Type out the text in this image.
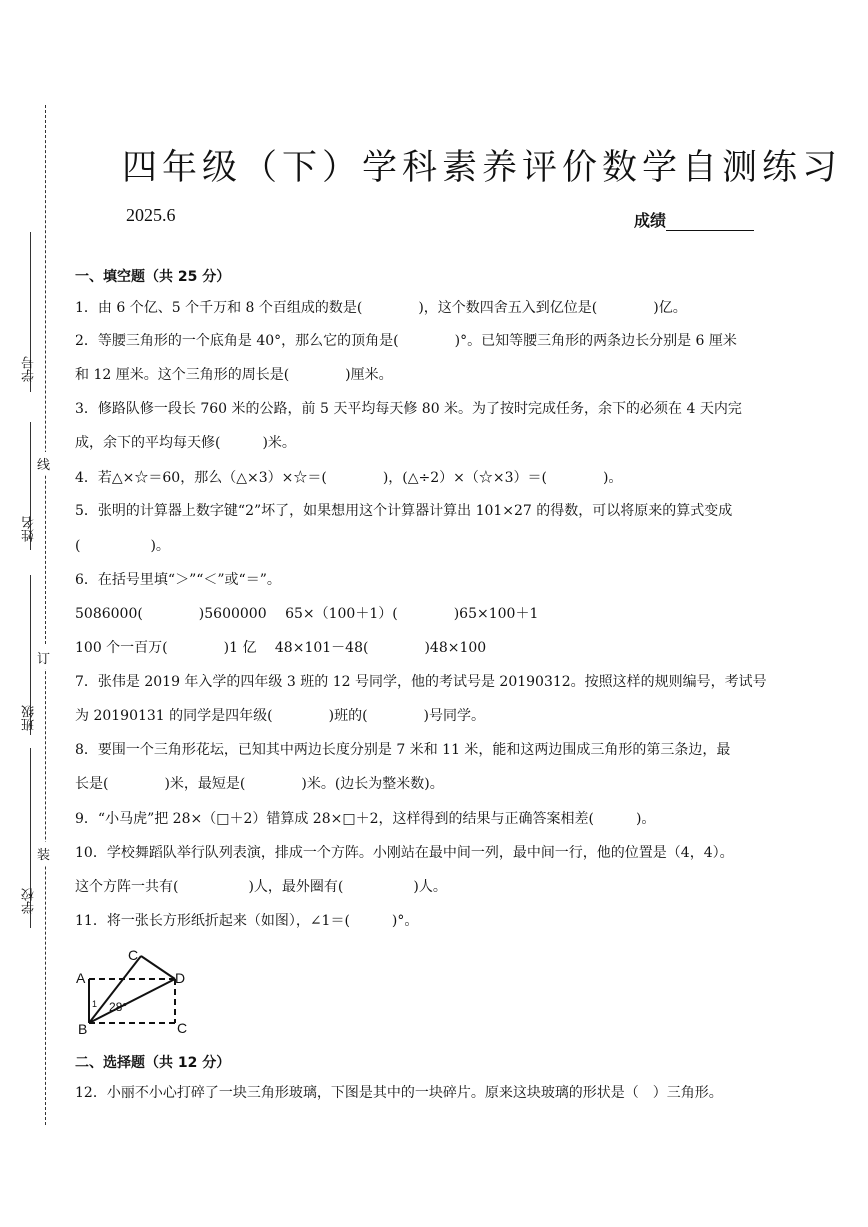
学号
姓名
班级
学校
线
订
装
四年级（下）学科素养评价数学自测练习2025.6	成绩
一、填空题（共 25 分）
1．由 6 个亿、5 个千万和 8 个百组成的数是(　　　　)，这个数四舍五入到亿位是(　　　　)亿。
2．等腰三角形的一个底角是 40°，那么它的顶角是(　　　　)°。已知等腰三角形的两条边长分别是 6 厘米
和 12 厘米。这个三角形的周长是(　　　　)厘米。
3．修路队修一段长 760 米的公路，前 5 天平均每天修 80 米。为了按时完成任务，余下的必须在 4 天内完
成，余下的平均每天修(　　　)米。
4．若△×☆＝60，那么（△×3）×☆＝(　　　　)，(△÷2）×（☆×3）＝(　　　　)。
5．张明的计算器上数字键“2”坏了，如果想用这个计算器计算出 101×27 的得数，可以将原来的算式变成
(　　　　　)。
6．在括号里填“＞”“＜”或“＝”。
5086000(　　　　)5600000　 65×（100＋1）(　　　　)65×100＋1
100 个一百万(　　　　)1 亿　 48×101－48(　　　　)48×100
7．张伟是 2019 年入学的四年级 3 班的 12 号同学，他的考试号是 20190312。按照这样的规则编号，考试号
为 20190131 的同学是四年级(　　　　)班的(　　　　)号同学。
8．要围一个三角形花坛，已知其中两边长度分别是 7 米和 11 米，能和这两边围成三角形的第三条边，最
长是(　　　　)米，最短是(　　　　)米。(边长为整米数)。
9．“小马虎”把 28×（□＋2）错算成 28×□＋2，这样得到的结果与正确答案相差(　　　)。
10．学校舞蹈队举行队列表演，排成一个方阵。小刚站在最中间一列，最中间一行，他的位置是（4，4）。
这个方阵一共有(　　　　　)人，最外圈有(　　　　　)人。
11．将一张长方形纸折起来（如图），∠1＝(　　　)°。
A
B
C
D
C
1 28°
二、选择题（共 12 分）
12．小丽不小心打碎了一块三角形玻璃，下图是其中的一块碎片。原来这块玻璃的形状是（　）三角形。
